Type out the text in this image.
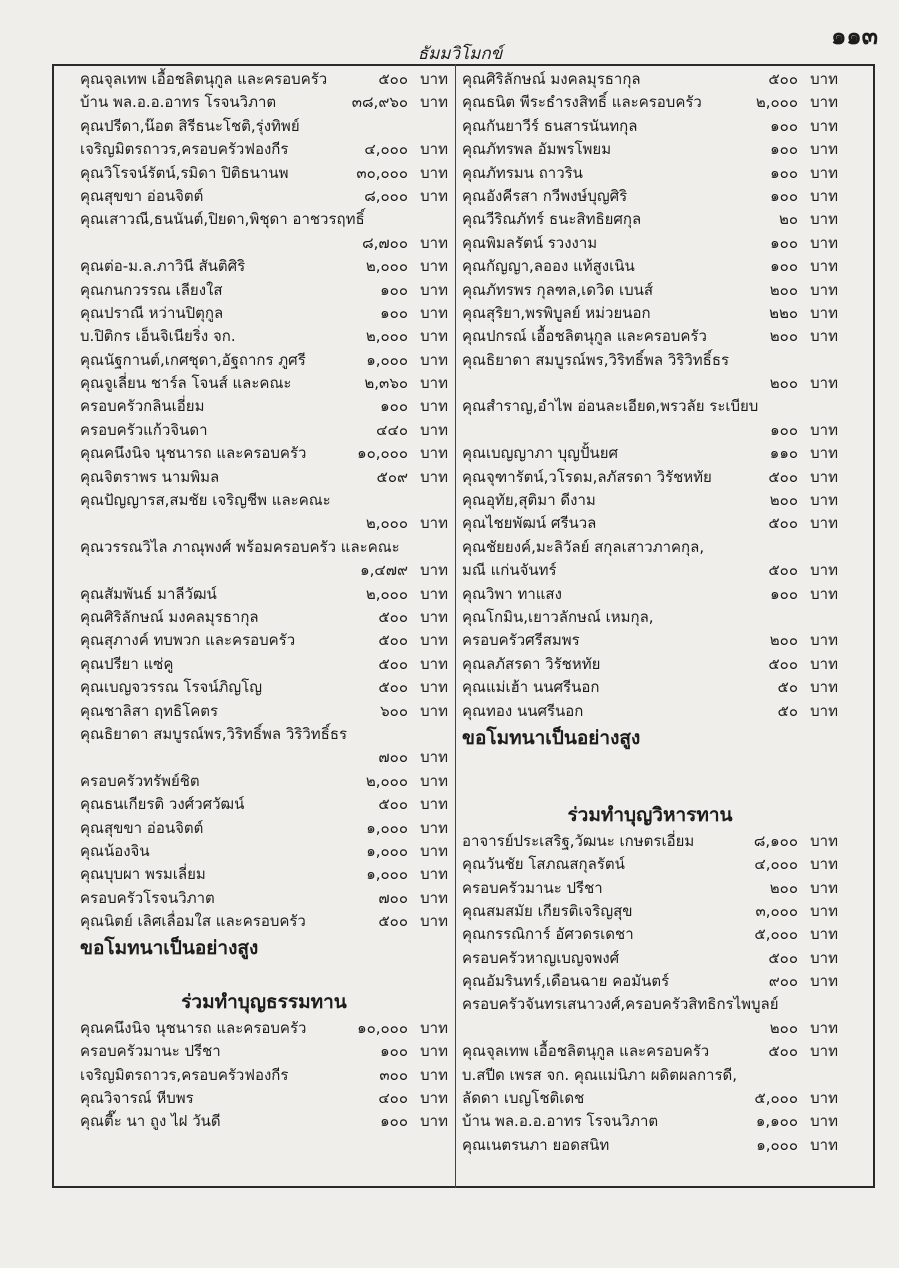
๑๑๓
ธัมมวิโมกข์
คุณจุลเทพ เอื้อชลิตนุกูล และครอบครัว	๕๐๐ บาท
บ้าน พล.อ.อ.อาทร โรจนวิภาต	๓๘,๙๖๐ บาท
คุณปรีดา,น๊อต สิรีธนะโชติ,รุ่งทิพย์
เจริญมิตรถาวร,ครอบครัวฟองกีร	๔,๐๐๐ บาท
คุณวิโรจน์รัตน์,รมิดา ปิติธนานพ	๓๐,๐๐๐ บาท
คุณสุขขา อ่อนจิตต์	๘,๐๐๐ บาท
คุณเสาวณี,ธนนันต์,ปิยดา,พิชุดา อาชวรฤทธิ์
๘,๗๐๐ บาท
คุณต่อ-ม.ล.ภาวินี สันติศิริ	๒,๐๐๐ บาท
คุณกนกวรรณ เลียงใส	๑๐๐ บาท
คุณปราณี หว่านปิตุกูล	๑๐๐ บาท
บ.ปิติกร เอ็นจิเนียริ่ง จก.	๒,๐๐๐ บาท
คุณนัฐกานต์,เกศชุดา,อัฐถากร ภูศรี	๑,๐๐๐ บาท
คุณจูเลี่ยน ชาร์ล โจนส์ และคณะ	๒,๓๖๐ บาท
ครอบครัวกลินเอี่ยม	๑๐๐ บาท
ครอบครัวแก้วจินดา	๔๔๐ บาท
คุณคนึงนิจ นุชนารถ และครอบครัว	๑๐,๐๐๐ บาท
คุณจิตราพร นามพิมล	๕๐๙ บาท
คุณปัญญารส,สมชัย เจริญชีพ และคณะ
๒,๐๐๐ บาท
คุณวรรณวิไล ภาณุพงศ์ พร้อมครอบครัว และคณะ
๑,๔๗๙ บาท
คุณสัมพันธ์ มาลีวัฒน์	๒,๐๐๐ บาท
คุณศิริลักษณ์ มงคลมุรธากุล	๕๐๐ บาท
คุณสุภางค์ ทบพวก และครอบครัว	๕๐๐ บาท
คุณปรียา แซ่คู	๕๐๐ บาท
คุณเบญจวรรณ โรจน์ภิญโญ	๕๐๐ บาท
คุณชาลิสา ฤทธิโคตร	๖๐๐ บาท
คุณธิยาดา สมบูรณ์พร,วิริทธิ์พล วิริวิทธิ์ธร
๗๐๐ บาท
ครอบครัวทรัพย์ชิต	๒,๐๐๐ บาท
คุณธนเกียรติ วงศ์วศวัฒน์	๕๐๐ บาท
คุณสุขขา อ่อนจิตต์	๑,๐๐๐ บาท
คุณน้องจิน	๑,๐๐๐ บาท
คุณบุบผา พรมเลี่ยม	๑,๐๐๐ บาท
ครอบครัวโรจนวิภาต	๗๐๐ บาท
คุณนิตย์ เลิศเลื่อมใส และครอบครัว	๕๐๐ บาท
ขอโมทนาเป็นอย่างสูง
ร่วมทำบุญธรรมทาน
คุณคนึงนิจ นุชนารถ และครอบครัว	๑๐,๐๐๐ บาท
ครอบครัวมานะ ปรีชา	๑๐๐ บาท
เจริญมิตรถาวร,ครอบครัวฟองกีร	๓๐๐ บาท
คุณวิจารณ์ หีบพร	๔๐๐ บาท
คุณตี๊ะ นา ถูง ไฝ วันดี	๑๐๐ บาท
คุณศิริลักษณ์ มงคลมุรธากุล	๕๐๐ บาท
คุณธนิต พีระธำรงสิทธิ์ และครอบครัว	๒,๐๐๐ บาท
คุณกันยาวีร์ ธนสารนันทกุล	๑๐๐ บาท
คุณภัทรพล อัมพรโพยม	๑๐๐ บาท
คุณภัทรมน ถาวริน	๑๐๐ บาท
คุณอังคีรสา กวีพงษ์บุญศิริ	๑๐๐ บาท
คุณวีริณภัทร์ ธนะสิทธิยศกุล	๒๐ บาท
คุณพิมลรัตน์ รวงงาม	๑๐๐ บาท
คุณกัญญา,ลออง แท้สูงเนิน	๑๐๐ บาท
คุณภัทรพร กุลฑล,เดวิด เบนส์	๒๐๐ บาท
คุณสุริยา,พรพิบูลย์ หม่วยนอก	๒๒๐ บาท
คุณปกรณ์ เอื้อชลิตนุกูล และครอบครัว	๒๐๐ บาท
คุณธิยาดา สมบูรณ์พร,วิริทธิ์พล วิริวิทธิ์ธร
๒๐๐ บาท
คุณสำราญ,อำไพ อ่อนละเอียด,พรวลัย ระเบียบ
๑๐๐ บาท
คุณเบญญาภา บุญปั้นยศ	๑๑๐ บาท
คุณจุฑารัตน์,วโรดม,ลภัสรดา วิรัชหทัย	๕๐๐ บาท
คุณอุทัย,สุติมา ดีงาม	๒๐๐ บาท
คุณไชยพัฒน์ ศรีนวล	๕๐๐ บาท
คุณชัยยงค์,มะลิวัลย์ สกุลเสาวภาคกุล,
มณี แก่นจันทร์	๕๐๐ บาท
คุณวิพา ทาแสง	๑๐๐ บาท
คุณโกมิน,เยาวลักษณ์ เหมกุล,
ครอบครัวศรีสมพร	๒๐๐ บาท
คุณลภัสรดา วิรัชหทัย	๕๐๐ บาท
คุณแม่เฮ้า นนศรีนอก	๕๐ บาท
คุณทอง นนศรีนอก	๕๐ บาท
ขอโมทนาเป็นอย่างสูง
ร่วมทำบุญวิหารทาน
อาจารย์ประเสริฐ,วัฒนะ เกษตรเอี่ยม	๘,๑๐๐ บาท
คุณวันชัย โสภณสกุลรัตน์	๔,๐๐๐ บาท
ครอบครัวมานะ ปรีชา	๒๐๐ บาท
คุณสมสมัย เกียรติเจริญสุข	๓,๐๐๐ บาท
คุณกรรณิการ์ อัศวดรเดชา	๕,๐๐๐ บาท
ครอบครัวหาญเบญจพงศ์	๕๐๐ บาท
คุณอัมรินทร์,เดือนฉาย คอมันตร์	๙๐๐ บาท
ครอบครัวจันทรเสนาวงศ์,ครอบครัวสิทธิกรไพบูลย์
๒๐๐ บาท
คุณจุลเทพ เอื้อชลิตนุกูล และครอบครัว	๕๐๐ บาท
บ.สปีด เพรส จก. คุณแม่นิภา ผดิตผลการดี,
ลัดดา เบญโชติเดช	๕,๐๐๐ บาท
บ้าน พล.อ.อ.อาทร โรจนวิภาต	๑,๑๐๐ บาท
คุณเนตรนภา ยอดสนิท	๑,๐๐๐ บาท
